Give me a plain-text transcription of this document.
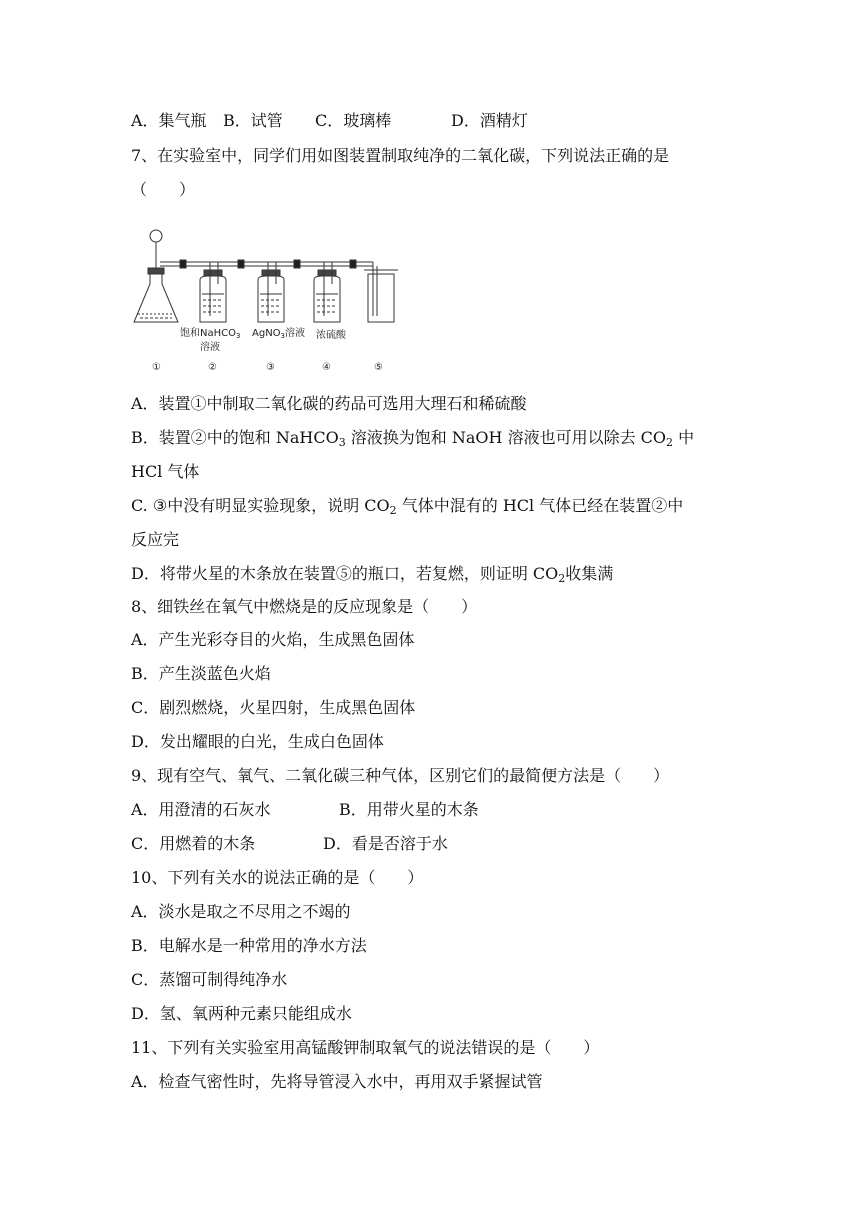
A．集气瓶 B．试管 C．玻璃棒	D．酒精灯
7、在实验室中，同学们用如图装置制取纯净的二氧化碳，下列说法正确的是
（　　）
饱和NaHCO$_3$
溶液
AgNO$_3$溶液 浓硫酸
①	②	③	④	⑤
A．装置①中制取二氧化碳的药品可选用大理石和稀硫酸
B．装置②中的饱和 NaHCO$_3$ 溶液换为饱和 NaOH 溶液也可用以除去 $CO_2$ 中
HCl 气体
C. ③中没有明显实验现象，说明 $CO_2$ 气体中混有的 HCl 气体已经在装置②中
反应完
D．将带火星的木条放在装置⑤的瓶口，若复燃，则证明 $CO_2$收集满
8、细铁丝在氧气中燃烧是的反应现象是（　　）
A．产生光彩夺目的火焰，生成黑色固体
B．产生淡蓝色火焰
C．剧烈燃烧，火星四射，生成黑色固体
D．发出耀眼的白光，生成白色固体
9、现有空气、氧气、二氧化碳三种气体，区别它们的最简便方法是（　　）
A．用澄清的石灰水	B．用带火星的木条
C．用燃着的木条	D．看是否溶于水
10、下列有关水的说法正确的是（　　）
A．淡水是取之不尽用之不竭的
B．电解水是一种常用的净水方法
C．蒸馏可制得纯净水
D．氢、氧两种元素只能组成水
11、下列有关实验室用高锰酸钾制取氧气的说法错误的是（　　）
A．检查气密性时，先将导管浸入水中，再用双手紧握试管
